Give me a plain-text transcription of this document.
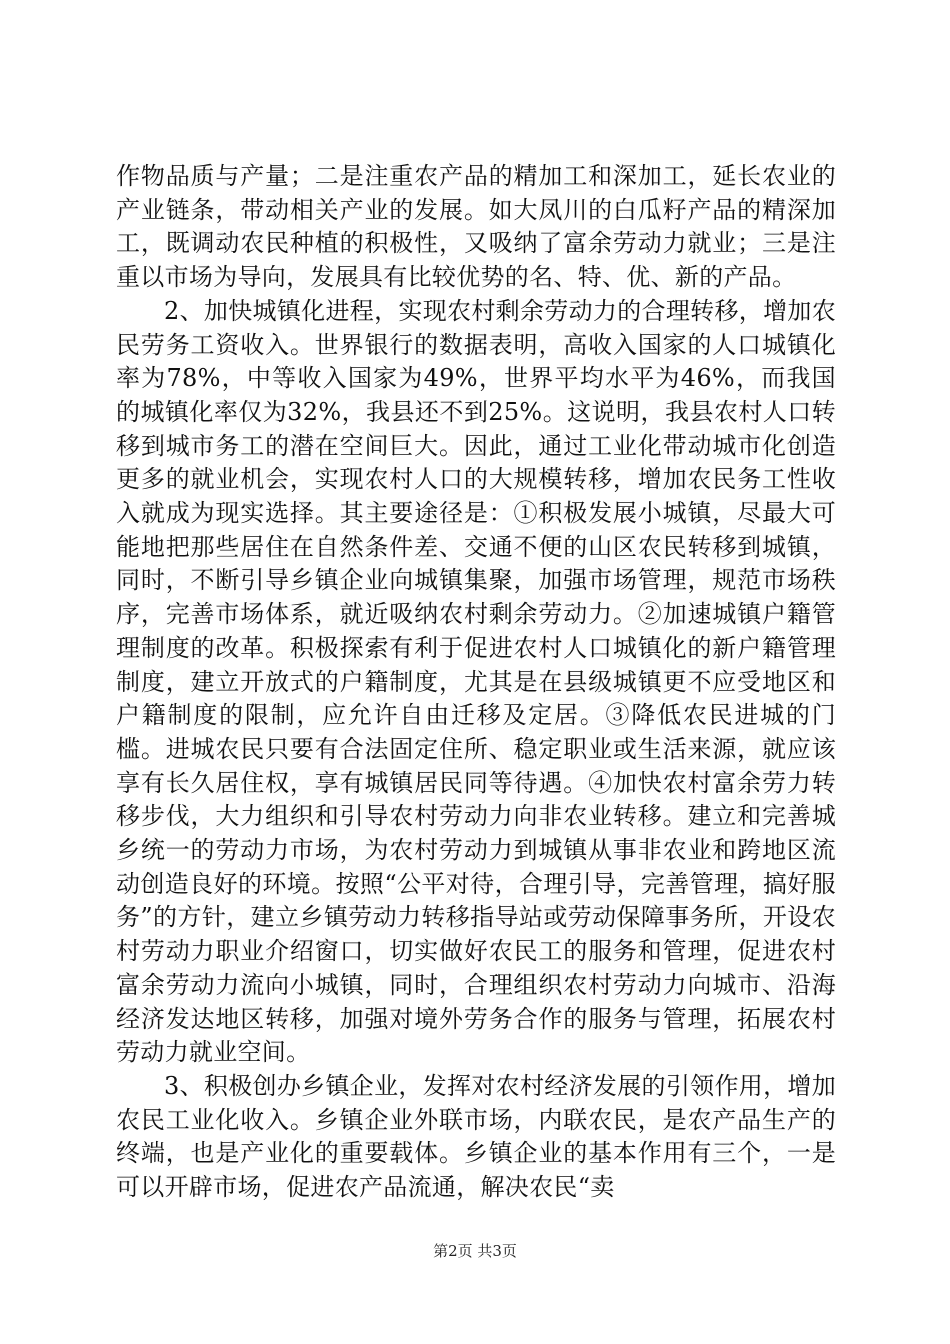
作物品质与产量；二是注重农产品的精加工和深加工，延长农业的产业链条，带动相关产业的发展。如大凤川的白瓜籽产品的精深加工，既调动农民种植的积极性，又吸纳了富余劳动力就业；三是注重以市场为导向，发展具有比较优势的名、特、优、新的产品。

2、加快城镇化进程，实现农村剩余劳动力的合理转移，增加农民劳务工资收入。世界银行的数据表明，高收入国家的人口城镇化率为78%，中等收入国家为49%，世界平均水平为46%，而我国的城镇化率仅为32%，我县还不到25%。这说明，我县农村人口转移到城市务工的潜在空间巨大。因此，通过工业化带动城市化创造更多的就业机会，实现农村人口的大规模转移，增加农民务工性收入就成为现实选择。其主要途径是：①积极发展小城镇，尽最大可能地把那些居住在自然条件差、交通不便的山区农民转移到城镇，同时，不断引导乡镇企业向城镇集聚，加强市场管理，规范市场秩序，完善市场体系，就近吸纳农村剩余劳动力。②加速城镇户籍管理制度的改革。积极探索有利于促进农村人口城镇化的新户籍管理制度，建立开放式的户籍制度，尤其是在县级城镇更不应受地区和户籍制度的限制，应允许自由迁移及定居。③降低农民进城的门槛。进城农民只要有合法固定住所、稳定职业或生活来源，就应该享有长久居住权，享有城镇居民同等待遇。④加快农村富余劳力转移步伐，大力组织和引导农村劳动力向非农业转移。建立和完善城乡统一的劳动力市场，为农村劳动力到城镇从事非农业和跨地区流动创造良好的环境。按照“公平对待，合理引导，完善管理，搞好服务”的方针，建立乡镇劳动力转移指导站或劳动保障事务所，开设农村劳动力职业介绍窗口，切实做好农民工的服务和管理，促进农村富余劳动力流向小城镇，同时，合理组织农村劳动力向城市、沿海经济发达地区转移，加强对境外劳务合作的服务与管理，拓展农村劳动力就业空间。

3、积极创办乡镇企业，发挥对农村经济发展的引领作用，增加农民工业化收入。乡镇企业外联市场，内联农民，是农产品生产的终端，也是产业化的重要载体。乡镇企业的基本作用有三个，一是可以开辟市场，促进农产品流通，解决农民“卖

第2页 共3页
